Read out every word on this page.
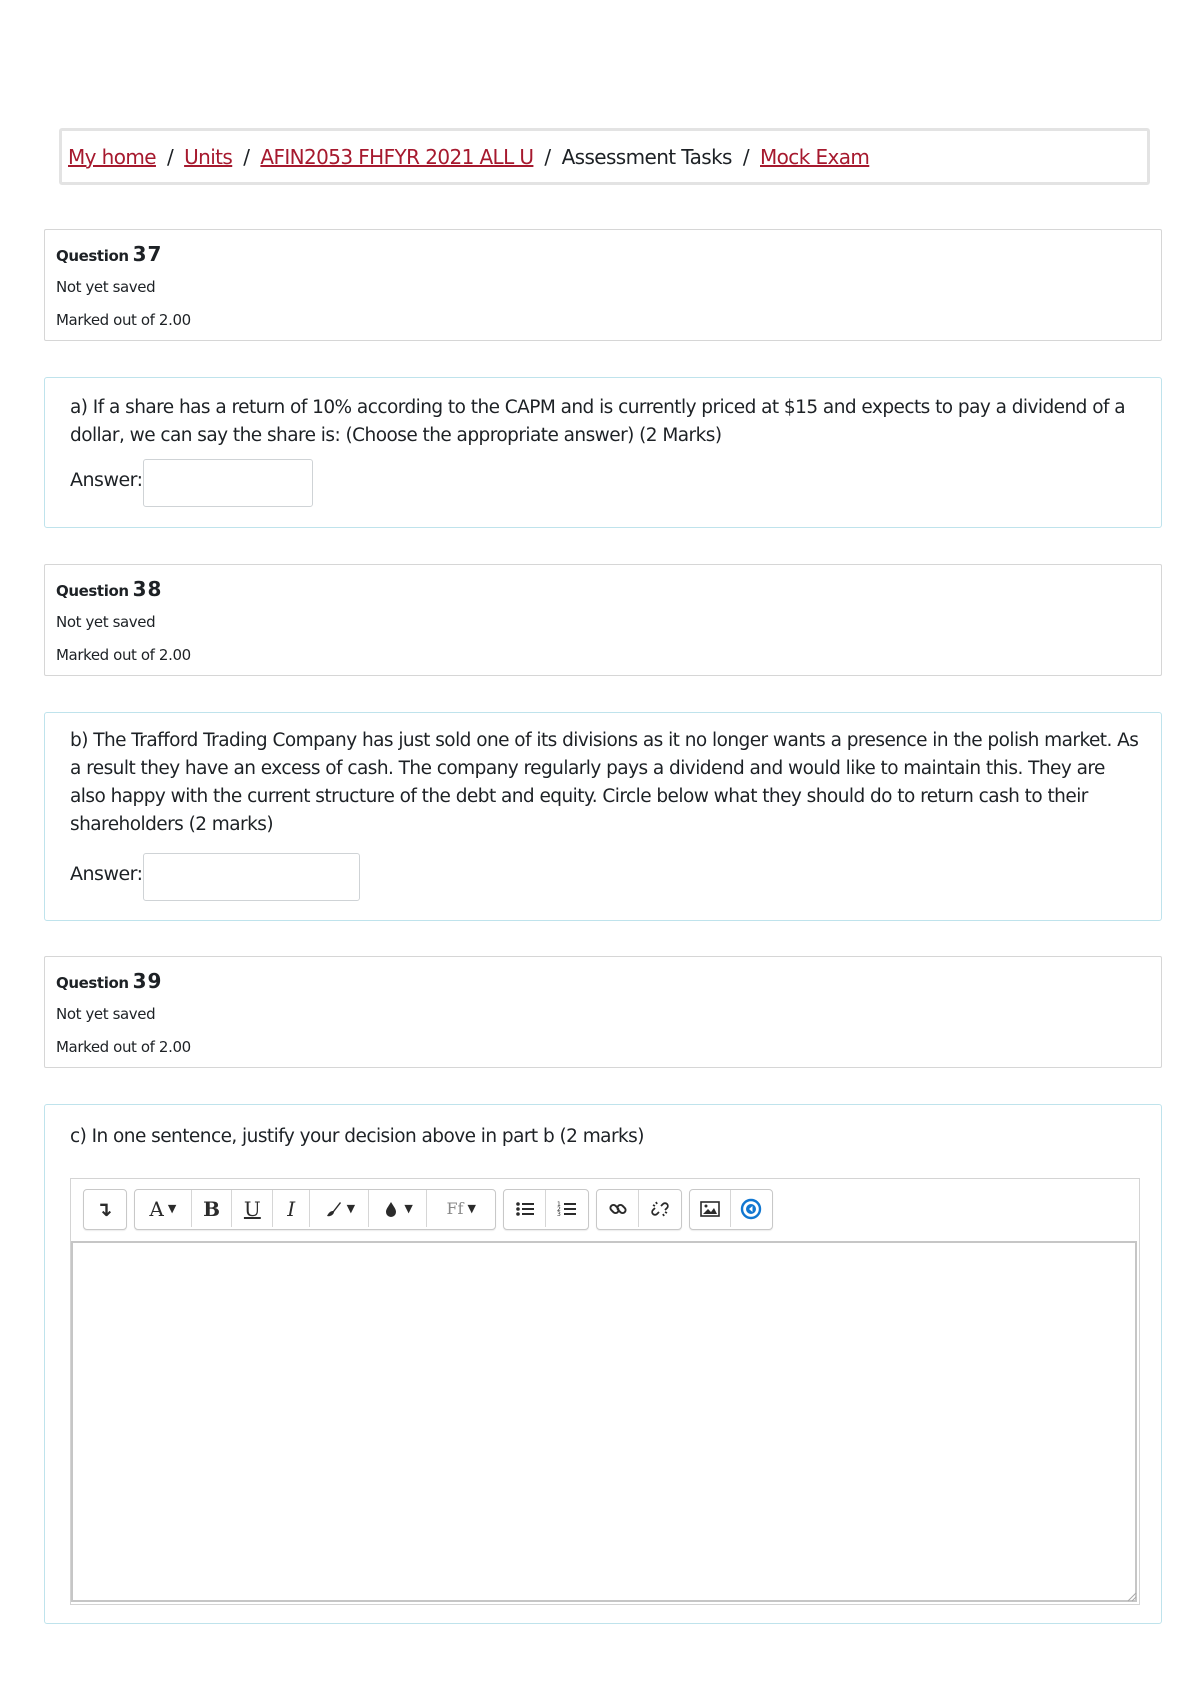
My home / Units / AFIN2053 FHFYR 2021 ALL U / Assessment Tasks / Mock Exam
Question 37
Not yet saved
Marked out of 2.00
a) If a share has a return of 10% according to the CAPM and is currently priced at $15 and expects to pay a dividend of a dollar, we can say the share is: (Choose the appropriate answer) (2 Marks)
Answer:
Question 38
Not yet saved
Marked out of 2.00
b) The Trafford Trading Company has just sold one of its divisions as it no longer wants a presence in the polish market. As a result they have an excess of cash. The company regularly pays a dividend and would like to maintain this. They are also happy with the current structure of the debt and equity. Circle below what they should do to return cash to their shareholders (2 marks)
Answer:
Question 39
Not yet saved
Marked out of 2.00
c) In one sentence, justify your decision above in part b (2 marks)
↴	A ▼	B	U	I	▼	▼ Ff ▼	1
2
3
